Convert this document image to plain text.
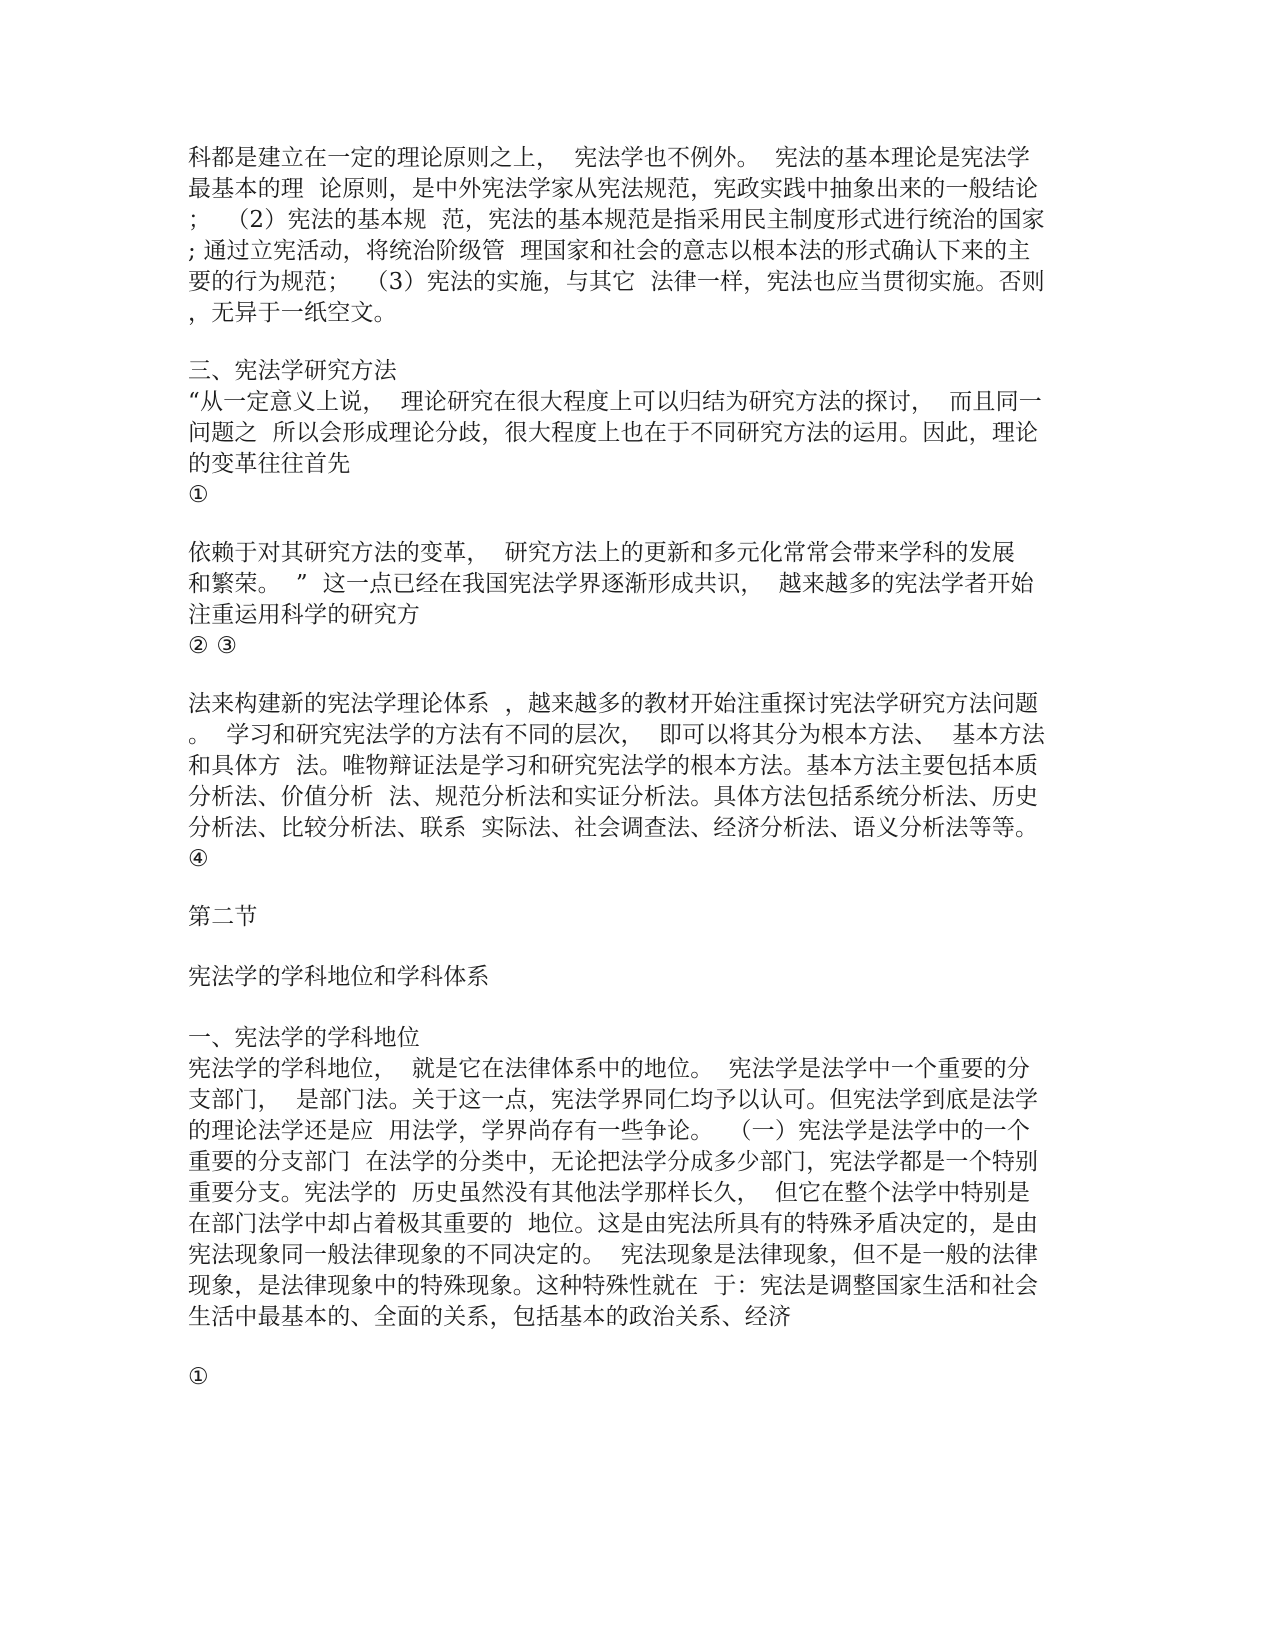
科都是建立在一定的理论原则之上，  宪法学也不例外。  宪法的基本理论是宪法学
最基本的理  论原则，是中外宪法学家从宪法规范，宪政实践中抽象出来的一般结论
；  （2）宪法的基本规  范，宪法的基本规范是指采用民主制度形式进行统治的国家
; 通过立宪活动，将统治阶级管  理国家和社会的意志以根本法的形式确认下来的主
要的行为规范；  （3）宪法的实施，与其它  法律一样，宪法也应当贯彻实施。否则
，无异于一纸空文。
三、宪法学研究方法
“从一定意义上说，  理论研究在很大程度上可以归结为研究方法的探讨，  而且同一
问题之  所以会形成理论分歧，很大程度上也在于不同研究方法的运用。因此，理论
的变革往往首先
①
依赖于对其研究方法的变革，  研究方法上的更新和多元化常常会带来学科的发展
和繁荣。  ”  这一点已经在我国宪法学界逐渐形成共识，  越来越多的宪法学者开始
注重运用科学的研究方
② ③
法来构建新的宪法学理论体系  ，越来越多的教材开始注重探讨宪法学研究方法问题
。  学习和研究宪法学的方法有不同的层次，  即可以将其分为根本方法、  基本方法
和具体方  法。唯物辩证法是学习和研究宪法学的根本方法。基本方法主要包括本质
分析法、价值分析  法、规范分析法和实证分析法。具体方法包括系统分析法、历史
分析法、比较分析法、联系  实际法、社会调查法、经济分析法、语义分析法等等。
④
第二节
宪法学的学科地位和学科体系
一、宪法学的学科地位
宪法学的学科地位，  就是它在法律体系中的地位。  宪法学是法学中一个重要的分
支部门，  是部门法。关于这一点，宪法学界同仁均予以认可。但宪法学到底是法学
的理论法学还是应  用法学，学界尚存有一些争论。  （一）宪法学是法学中的一个
重要的分支部门  在法学的分类中，无论把法学分成多少部门，宪法学都是一个特别
重要分支。宪法学的  历史虽然没有其他法学那样长久，  但它在整个法学中特别是
在部门法学中却占着极其重要的  地位。这是由宪法所具有的特殊矛盾决定的，是由
宪法现象同一般法律现象的不同决定的。  宪法现象是法律现象，但不是一般的法律
现象，是法律现象中的特殊现象。这种特殊性就在  于：宪法是调整国家生活和社会
生活中最基本的、全面的关系，包括基本的政治关系、经济
①
